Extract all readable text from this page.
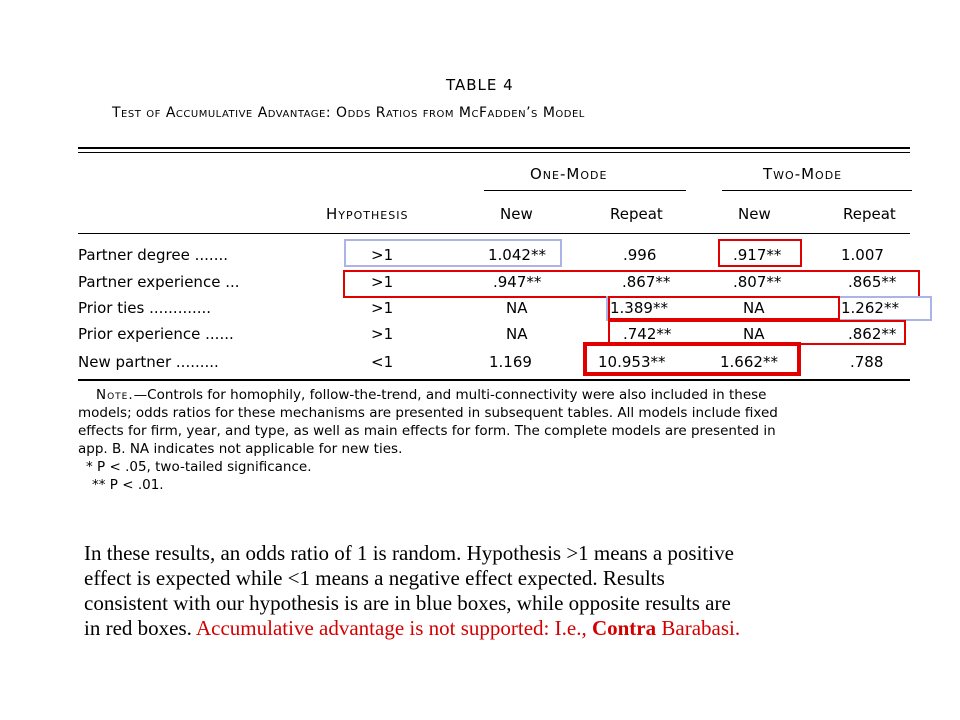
TABLE 4
Test of Accumulative Advantage: Odds Ratios from McFadden’s Model
One-Mode	Two-Mode
Hypothesis	New	Repeat	New	Repeat
Partner degree .......	>1	1.042**	.996	.917**	1.007
Partner experience ...	>1	.947**	.867**	.807**	.865**
Prior ties .............	>1	NA	1.389**	NA	1.262**
Prior experience ......	>1	NA	.742**	NA	.862**
New partner .........	<1	1.169	10.953**	1.662**	.788
Note.—Controls for homophily, follow-the-trend, and multi-connectivity were also included in these
models; odds ratios for these mechanisms are presented in subsequent tables. All models include fixed
effects for firm, year, and type, as well as main effects for form. The complete models are presented in
app. B. NA indicates not applicable for new ties.
* P < .05, two-tailed significance.
** P < .01.
In these results, an odds ratio of 1 is random. Hypothesis >1 means a positive
effect is expected while <1 means a negative effect expected. Results
consistent with our hypothesis is are in blue boxes, while opposite results are
in red boxes. Accumulative advantage is not supported: I.e., Contra Barabasi.
